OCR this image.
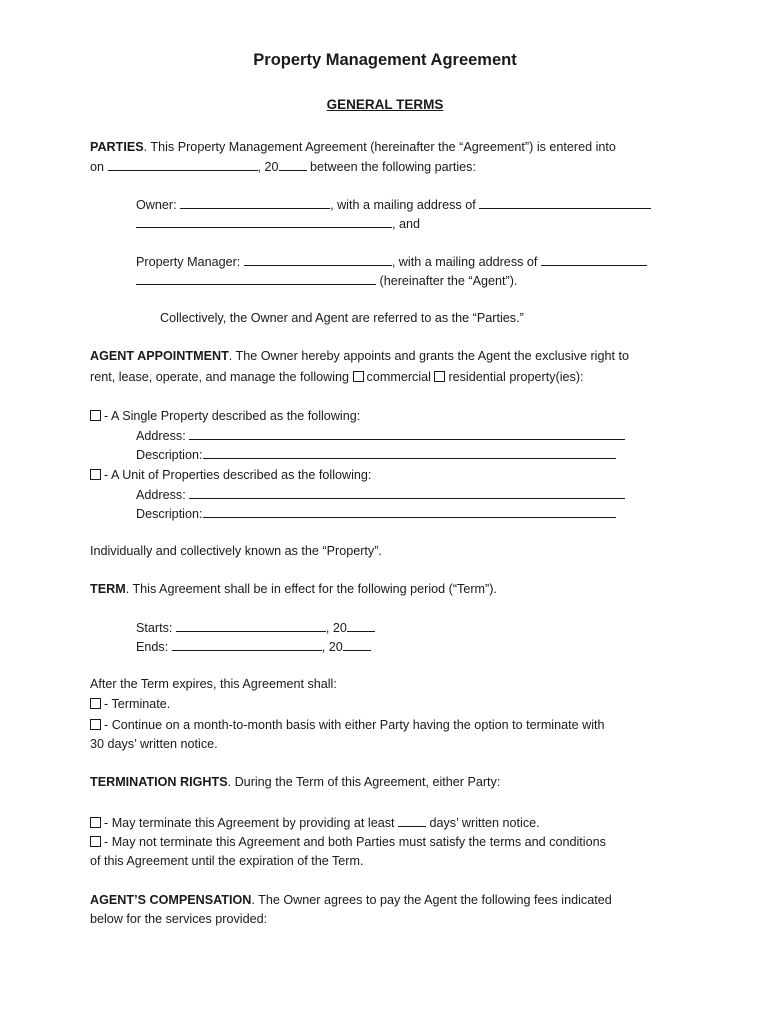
Property Management Agreement
GENERAL TERMS
PARTIES. This Property Management Agreement (hereinafter the “Agreement”) is entered into
on	, 20	between the following parties:
Owner:	, with a mailing address of
, and
Property Manager:	, with a mailing address of
(hereinafter the “Agent”).
Collectively, the Owner and Agent are referred to as the “Parties.”
AGENT APPOINTMENT. The Owner hereby appoints and grants the Agent the exclusive right to
rent, lease, operate, and manage the following commercial residential property(ies):
- A Single Property described as the following:
Address:
Description:
- A Unit of Properties described as the following:
Address:
Description:
Individually and collectively known as the “Property”.
TERM. This Agreement shall be in effect for the following period (“Term”).
Starts:	, 20
Ends:	, 20
After the Term expires, this Agreement shall:
- Terminate.
- Continue on a month-to-month basis with either Party having the option to terminate with
30 days’ written notice.
TERMINATION RIGHTS. During the Term of this Agreement, either Party:
- May terminate this Agreement by providing at least	days’ written notice.
- May not terminate this Agreement and both Parties must satisfy the terms and conditions
of this Agreement until the expiration of the Term.
AGENT’S COMPENSATION. The Owner agrees to pay the Agent the following fees indicated
below for the services provided:
